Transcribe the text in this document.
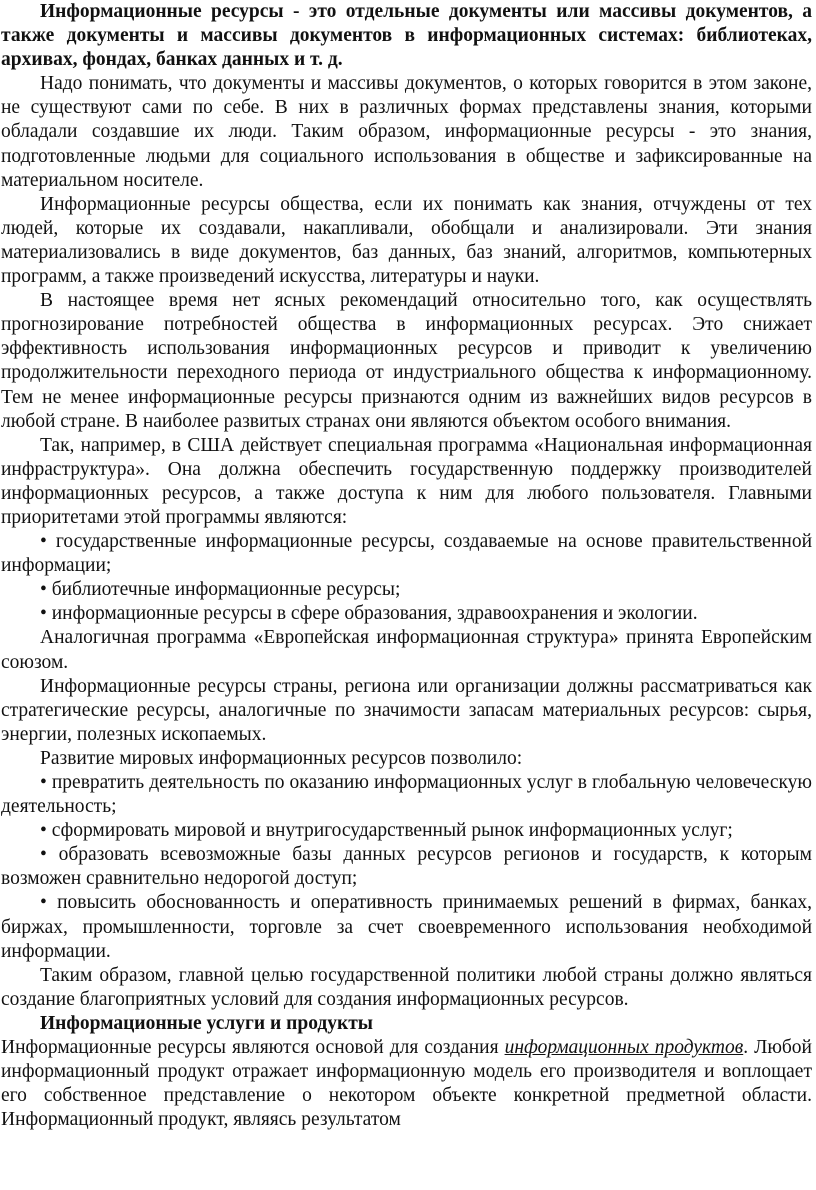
Информационные ресурсы - это отдельные документы или массивы документов, а также документы и массивы документов в информационных системах: библиотеках, архивах, фондах, банках данных и т. д.

Надо понимать, что документы и массивы документов, о которых говорится в этом законе, не существуют сами по себе. В них в различных формах представлены знания, которыми обладали создавшие их люди. Таким образом, информационные ресурсы - это знания, подготовленные людьми для социального использования в обществе и зафиксированные на материальном носителе.

Информационные ресурсы общества, если их понимать как знания, отчуждены от тех людей, которые их создавали, накапливали, обобщали и анализировали. Эти знания материализовались в виде документов, баз данных, баз знаний, алгоритмов, компьютерных программ, а также произведений искусства, литературы и науки.

В настоящее время нет ясных рекомендаций относительно того, как осуществлять прогнозирование потребностей общества в информационных ресурсах. Это снижает эффективность использования информационных ресурсов и приводит к увеличению продолжительности переходного периода от индустриального общества к информационному. Тем не менее информационные ресурсы признаются одним из важнейших видов ресурсов в любой стране. В наиболее развитых странах они являются объектом особого внимания.

Так, например, в США действует специальная программа «Национальная информационная инфраструктура». Она должна обеспечить государственную поддержку производителей информационных ресурсов, а также доступа к ним для любого пользователя. Главными приоритетами этой программы являются:

• государственные информационные ресурсы, создаваемые на основе правительственной информации;

• библиотечные информационные ресурсы;

• информационные ресурсы в сфере образования, здравоохранения и экологии.

Аналогичная программа «Европейская информационная структура» принята Европейским союзом.

Информационные ресурсы страны, региона или организации должны рассматриваться как стратегические ресурсы, аналогичные по значимости запасам материальных ресурсов: сырья, энергии, полезных ископаемых.

Развитие мировых информационных ресурсов позволило:

• превратить деятельность по оказанию информационных услуг в глобальную человеческую деятельность;

• сформировать мировой и внутригосударственный рынок информационных услуг;

• образовать всевозможные базы данных ресурсов регионов и государств, к которым возможен сравнительно недорогой доступ;

• повысить обоснованность и оперативность принимаемых решений в фирмах, банках, биржах, промышленности, торговле за счет своевременного использования необходимой информации.

Таким образом, главной целью государственной политики любой страны должно являться создание благоприятных условий для создания информационных ресурсов.

Информационные услуги и продукты

Информационные ресурсы являются основой для создания информационных продуктов. Любой информационный продукт отражает информационную модель его производителя и воплощает его собственное представление о некотором объекте конкретной предметной области. Информационный продукт, являясь результатом
